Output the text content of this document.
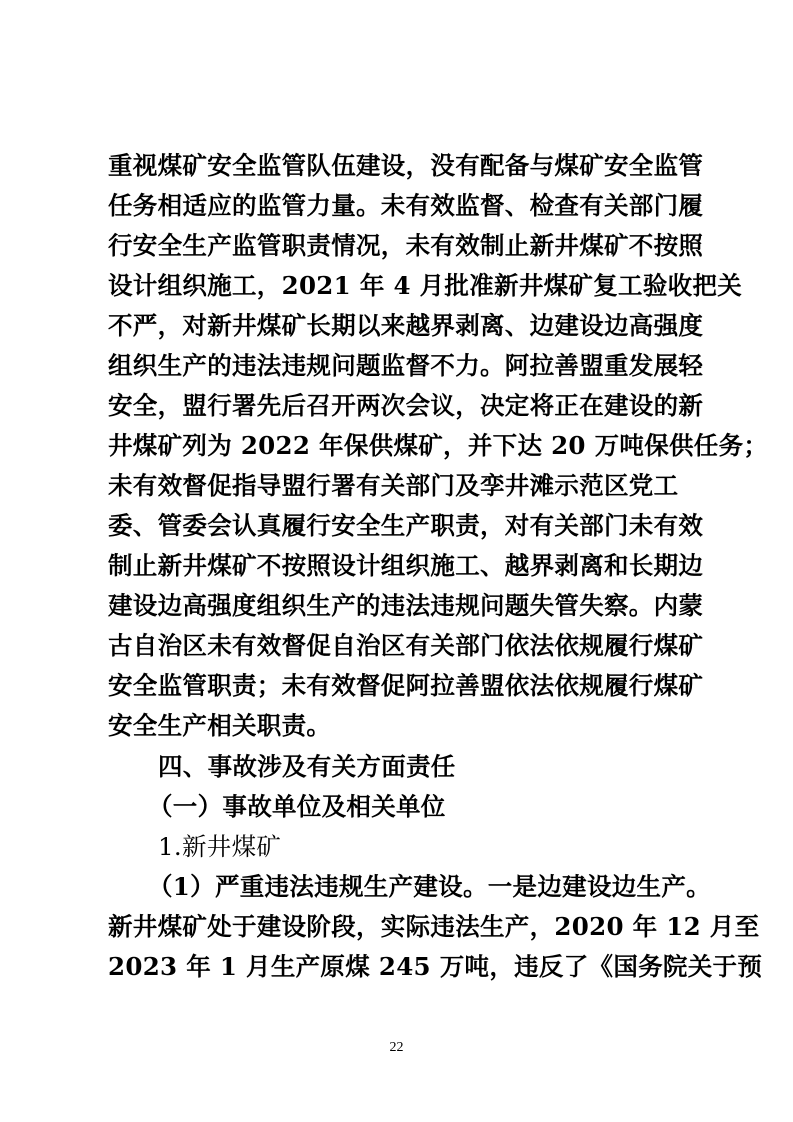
重视煤矿安全监管队伍建设，没有配备与煤矿安全监管
任务相适应的监管力量。未有效监督、检查有关部门履
行安全生产监管职责情况，未有效制止新井煤矿不按照
设计组织施工，2021 年 4 月批准新井煤矿复工验收把关
不严，对新井煤矿长期以来越界剥离、边建设边高强度
组织生产的违法违规问题监督不力。阿拉善盟重发展轻
安全，盟行署先后召开两次会议，决定将正在建设的新
井煤矿列为 2022 年保供煤矿，并下达 20 万吨保供任务；
未有效督促指导盟行署有关部门及孪井滩示范区党工
委、管委会认真履行安全生产职责，对有关部门未有效
制止新井煤矿不按照设计组织施工、越界剥离和长期边
建设边高强度组织生产的违法违规问题失管失察。内蒙
古自治区未有效督促自治区有关部门依法依规履行煤矿
安全监管职责；未有效督促阿拉善盟依法依规履行煤矿
安全生产相关职责。
四、事故涉及有关方面责任
（一）事故单位及相关单位
1.新井煤矿
（1）严重违法违规生产建设。一是边建设边生产。
新井煤矿处于建设阶段，实际违法生产，2020 年 12 月至
2023 年 1 月生产原煤 245 万吨，违反了《国务院关于预
22
